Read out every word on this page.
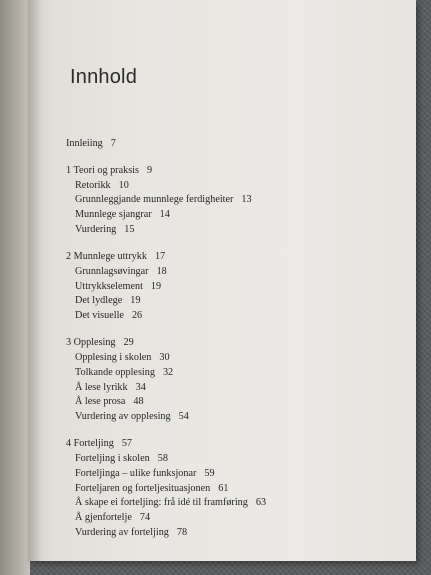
Innhold
Innleiing 7
1 Teori og praksis 9
Retorikk 10
Grunnleggjande munnlege ferdigheiter 13
Munnlege sjangrar 14
Vurdering 15
2 Munnlege uttrykk 17
Grunnlagsøvingar 18
Uttrykkselement 19
Det lydlege 19
Det visuelle 26
3 Opplesing 29
Opplesing i skolen 30
Tolkande opplesing 32
Å lese lyrikk 34
Å lese prosa 48
Vurdering av opplesing 54
4 Forteljing 57
Forteljing i skolen 58
Forteljinga – ulike funksjonar 59
Forteljaren og forteljesituasjonen 61
Å skape ei forteljing: frå idé til framføring 63
Å gjenfortelje 74
Vurdering av forteljing 78
